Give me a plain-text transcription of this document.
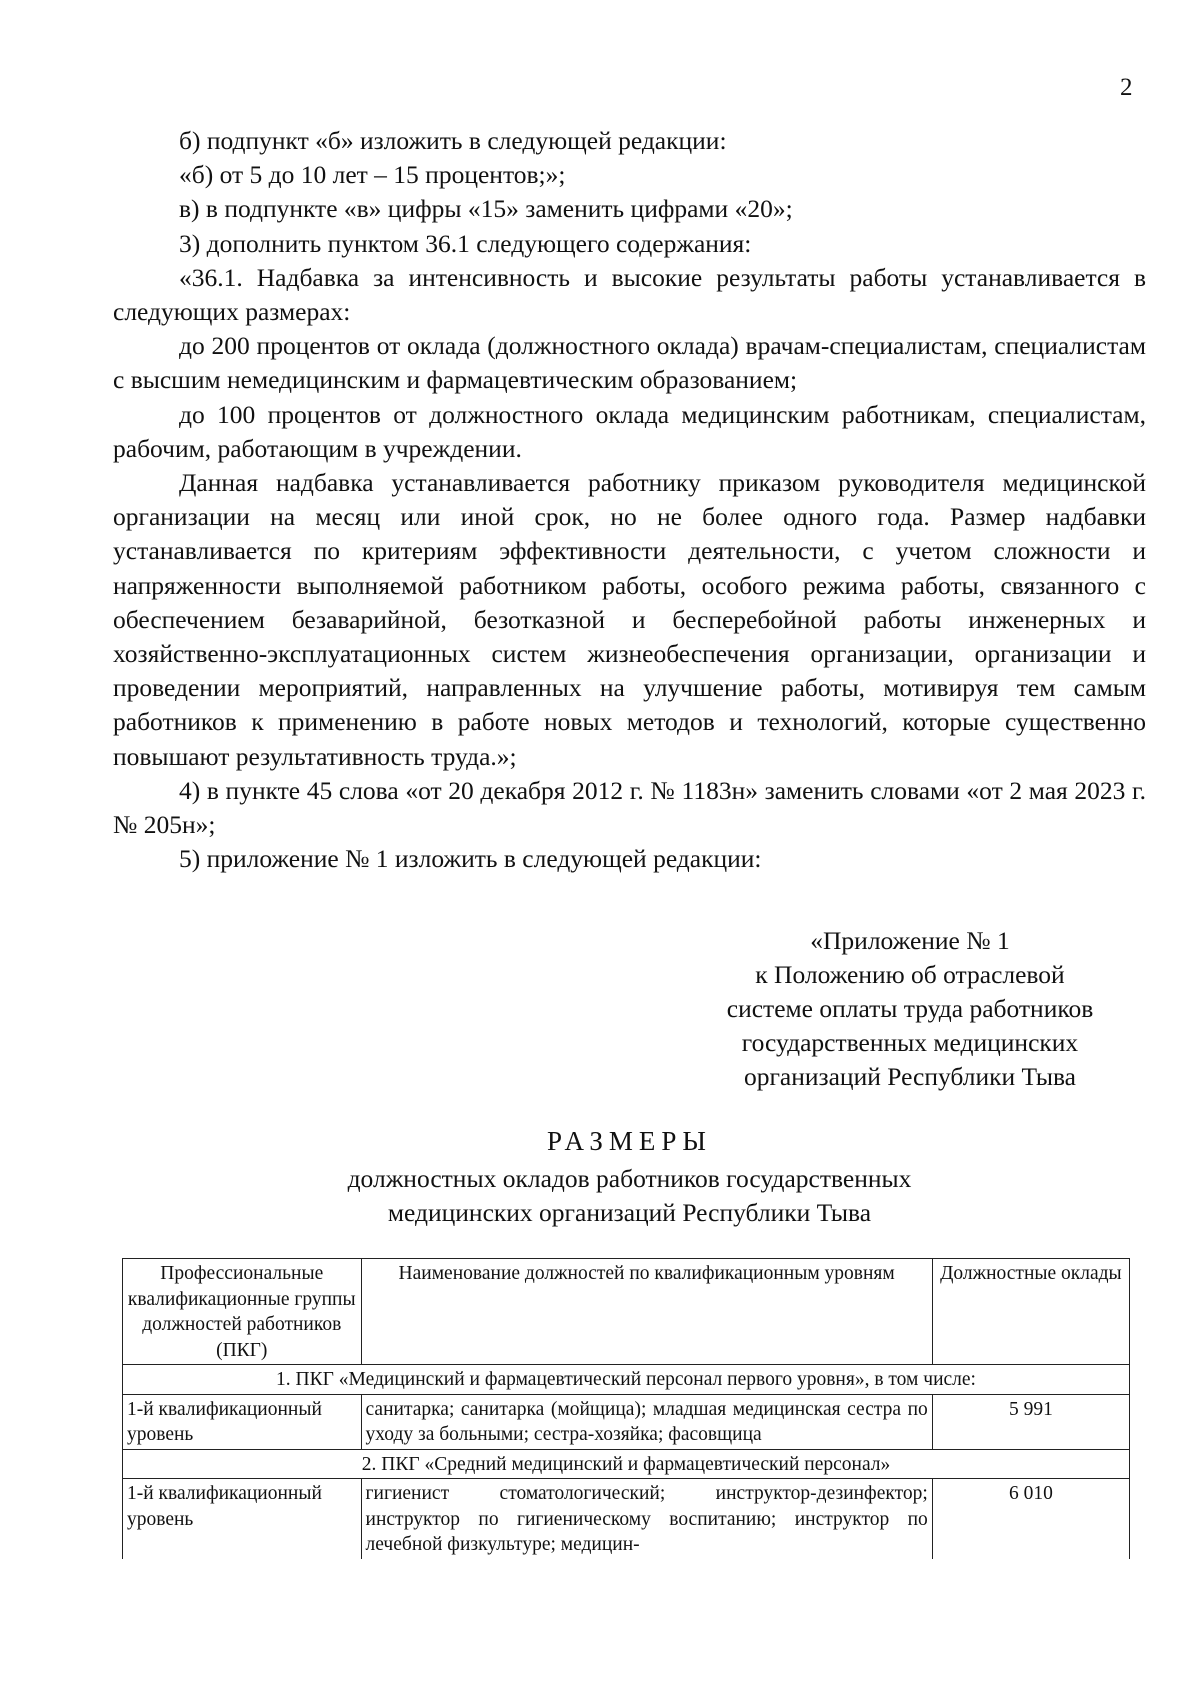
2

б) подпункт «б» изложить в следующей редакции:

«б) от 5 до 10 лет – 15 процентов;»;

в) в подпункте «в» цифры «15» заменить цифрами «20»;

3) дополнить пунктом 36.1 следующего содержания:

«36.1. Надбавка за интенсивность и высокие результаты работы устанавливается в следующих размерах:

до 200 процентов от оклада (должностного оклада) врачам-специалистам, специалистам с высшим немедицинским и фармацевтическим образованием;

до 100 процентов от должностного оклада медицинским работникам, специалистам, рабочим, работающим в учреждении.

Данная надбавка устанавливается работнику приказом руководителя медицинской организации на месяц или иной срок, но не более одного года. Размер надбавки устанавливается по критериям эффективности деятельности, с учетом сложности и напряженности выполняемой работником работы, особого режима работы, связанного с обеспечением безаварийной, безотказной и бесперебойной работы инженерных и хозяйственно-эксплуатационных систем жизнеобеспечения организации, организации и проведении мероприятий, направленных на улучшение работы, мотивируя тем самым работников к применению в работе новых методов и технологий, которые существенно повышают результативность труда.»;

4) в пункте 45 слова «от 20 декабря 2012 г. № 1183н» заменить словами «от 2 мая 2023 г. № 205н»;

5) приложение № 1 изложить в следующей редакции:

«Приложение № 1
к Положению об отраслевой
системе оплаты труда работников
государственных медицинских
организаций Республики Тыва
РАЗМЕРЫ
должностных окладов работников государственных
медицинских организаций Республики Тыва
Профессиональные квалификационные группы должностей работников (ПКГ)	Наименование должностей по квалификационным уровням	Должностные оклады
1. ПКГ «Медицинский и фармацевтический персонал первого уровня», в том числе:		
1-й квалификационный уровень	санитарка; санитарка (мойщица); младшая медицинская сестра по уходу за больными; сестра-хозяйка; фасовщица	5 991
2. ПКГ «Средний медицинский и фармацевтический персонал»		
1-й квалификационный уровень	гигиенист стоматологический; инструктор-дезинфектор; инструктор по гигиеническому воспитанию; инструктор по лечебной физкультуре; медицин-	6 010
